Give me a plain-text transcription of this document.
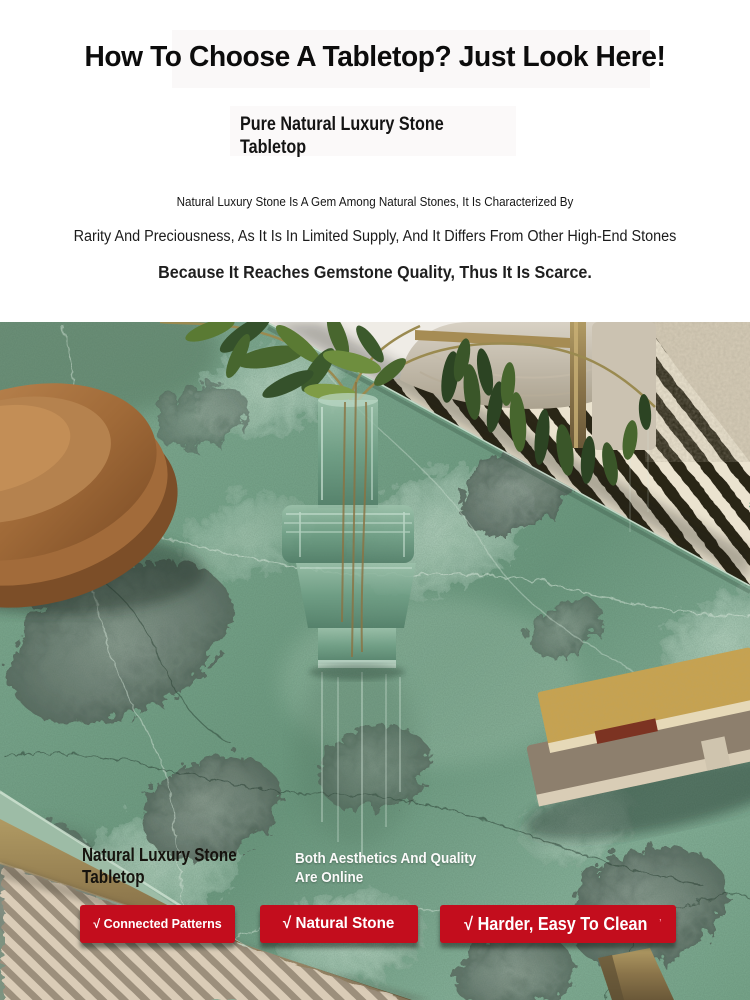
How To Choose A Tabletop? Just Look Here!
Pure Natural Luxury Stone
Tabletop

Natural Luxury Stone Is A Gem Among Natural Stones, It Is Characterized By

Rarity And Preciousness, As It Is In Limited Supply, And It Differs From Other High-End Stones

Because It Reaches Gemstone Quality, Thus It Is Scarce.

Natural Luxury Stone
Tabletop

Both Aesthetics And Quality
Are Online

√ Connected Patterns	√ Natural Stone	√ Harder, Easy To Clean ʼ
